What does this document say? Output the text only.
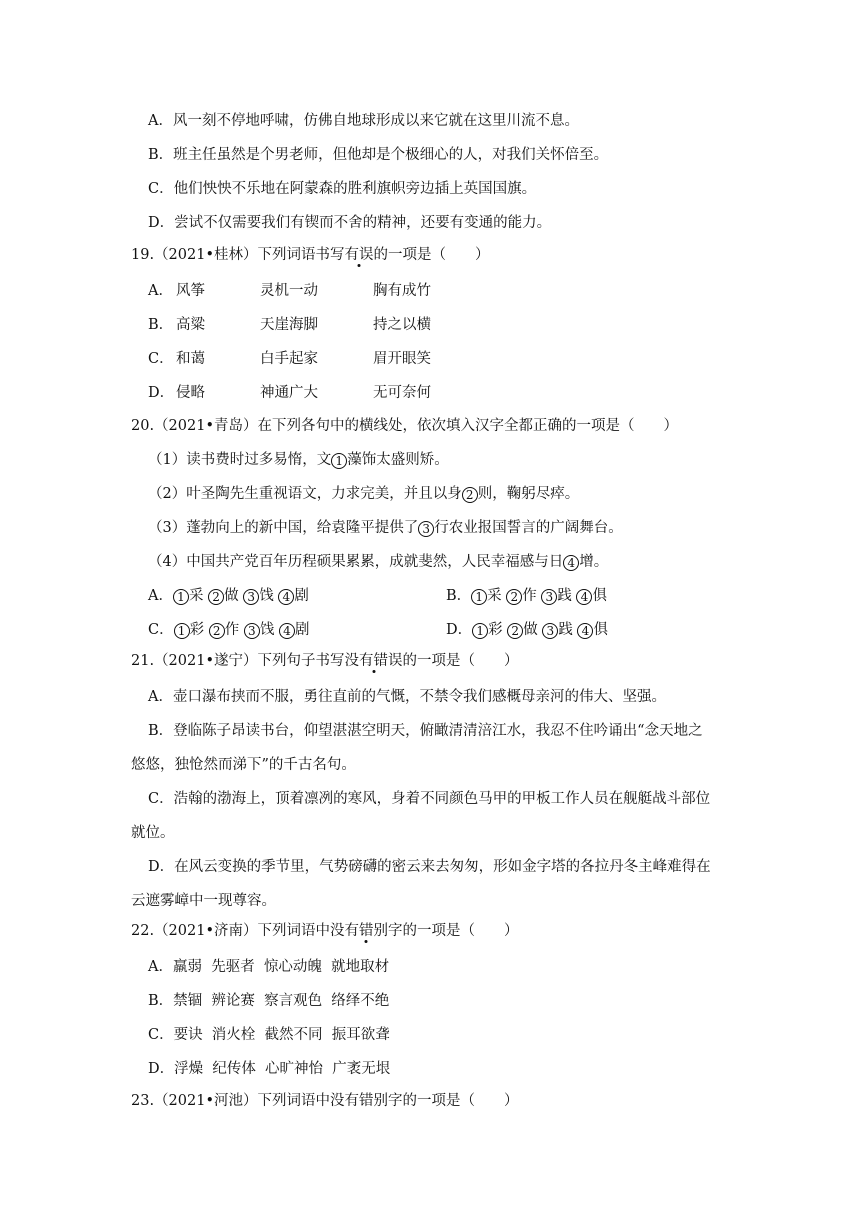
A．风一刻不停地呼啸，仿佛自地球形成以来它就在这里川流不息。
B．班主任虽然是个男老师，但他却是个极细心的人，对我们关怀倍至。
C．他们怏怏不乐地在阿蒙森的胜利旗帜旁边插上英国国旗。
D．尝试不仅需要我们有锲而不舍的精神，还要有变通的能力。
19.（2021•桂林）下列词语书写有误的一项是（　　）
A． 风筝	灵机一动	胸有成竹
B． 高粱	天崖海脚	持之以横
C． 和蔼	白手起家	眉开眼笑
D． 侵略	神通广大	无可奈何
20.（2021•青岛）在下列各句中的横线处，依次填入汉字全都正确的一项是（　　）
（1）读书费时过多易惰，文 1 藻饰太盛则矫。
（2）叶圣陶先生重视语文，力求完美，并且以身 2 则，鞠躬尽瘁。
（3）蓬勃向上的新中国，给袁隆平提供了 3 行农业报国誓言的广阔舞台。
（4）中国共产党百年历程硕果累累，成就斐然，人民幸福感与日 4 增。
A． 1 采 2 做 3 饯 4 剧	B． 1 采 2 作 3 践 4 俱
C． 1 彩 2 作 3 饯 4 剧	D． 1 彩 2 做 3 践 4 俱
21.（2021•遂宁）下列句子书写没有错误的一项是（　　）
A．壶口瀑布挟而不服，勇往直前的气慨，不禁令我们感概母亲河的伟大、坚强。
B．登临陈子昂读书台，仰望湛湛空明天，俯瞰清清涪江水，我忍不住吟诵出“念天地之
悠悠，独怆然而涕下”的千古名句。
C．浩翰的渤海上，顶着凛冽的寒风，身着不同颜色马甲的甲板工作人员在舰艇战斗部位
就位。
D．在风云变换的季节里，气势磅礴的密云来去匆匆，形如金字塔的各拉丹冬主峰难得在
云遮雾嶂中一现尊容。
22.（2021•济南）下列词语中没有错别字的一项是（　　）
A．羸弱  先驱者  惊心动魄  就地取材
B．禁锢  辨论赛  察言观色  络绎不绝
C．要诀  消火栓  截然不同  振耳欲聋
D．浮燥  纪传体  心旷神怡  广袤无垠
23.（2021•河池）下列词语中没有错别字的一项是（　　）
